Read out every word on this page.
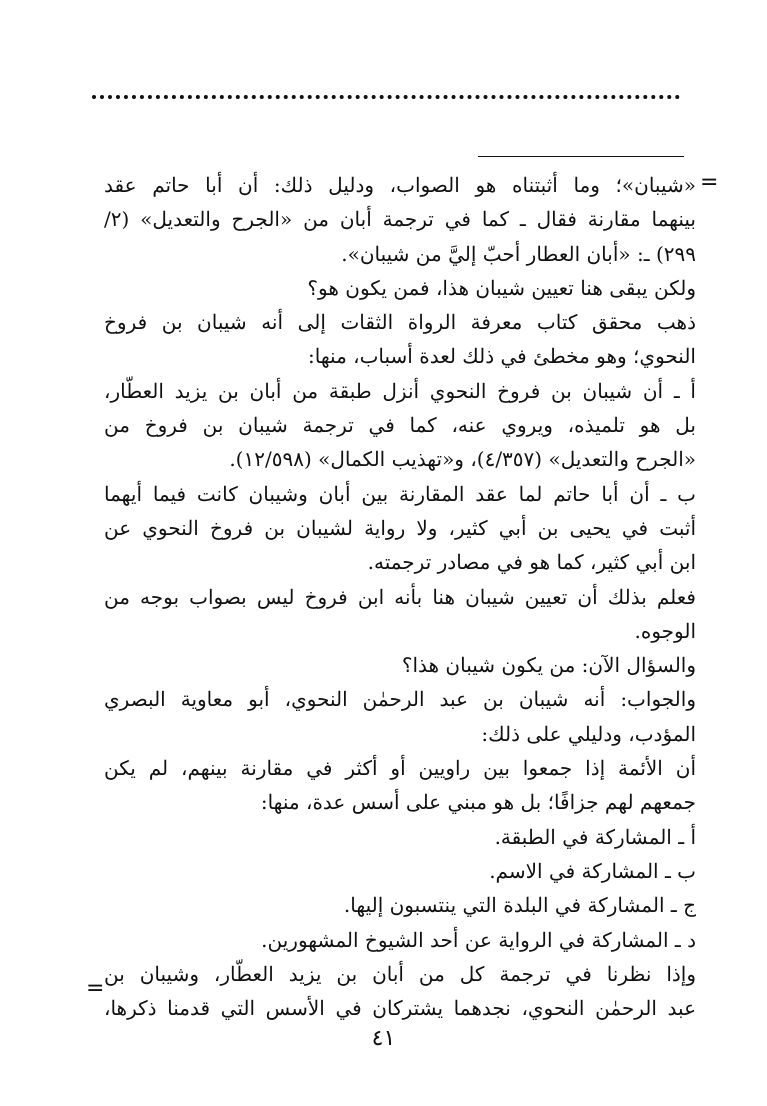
=
«شيبان»؛ وما أثبتناه هو الصواب، ودليل ذلك: أن أبا حاتم عقد
بينهما مقارنة فقال ـ كما في ترجمة أبان من «الجرح والتعديل» (٢/
٢٩٩) ـ: «أبان العطار أحبّ إليَّ من شيبان».
ولكن يبقى هنا تعيين شيبان هذا، فمن يكون هو؟
ذهب محقق كتاب معرفة الرواة الثقات إلى أنه شيبان بن فروخ
النحوي؛ وهو مخطئ في ذلك لعدة أسباب، منها:
أ ـ أن شيبان بن فروخ النحوي أنزل طبقة من أبان بن يزيد العطّار،
بل هو تلميذه، ويروي عنه، كما في ترجمة شيبان بن فروخ من
«الجرح والتعديل» (٤/٣٥٧)، و«تهذيب الكمال» (١٢/٥٩٨).
ب ـ أن أبا حاتم لما عقد المقارنة بين أبان وشيبان كانت فيما أيهما
أثبت في يحيى بن أبي كثير، ولا رواية لشيبان بن فروخ النحوي عن
ابن أبي كثير، كما هو في مصادر ترجمته.
فعلم بذلك أن تعيين شيبان هنا بأنه ابن فروخ ليس بصواب بوجه من
الوجوه.
والسؤال الآن: من يكون شيبان هذا؟
والجواب: أنه شيبان بن عبد الرحمٰن النحوي، أبو معاوية البصري
المؤدب، ودليلي على ذلك:
أن الأئمة إذا جمعوا بين راويين أو أكثر في مقارنة بينهم، لم يكن
جمعهم لهم جزافًا؛ بل هو مبني على أسس عدة، منها:
أ ـ المشاركة في الطبقة.
ب ـ المشاركة في الاسم.
ج ـ المشاركة في البلدة التي ينتسبون إليها.
د ـ المشاركة في الرواية عن أحد الشيوخ المشهورين.
وإذا نظرنا في ترجمة كل من أبان بن يزيد العطّار، وشيبان بن
عبد الرحمٰن النحوي، نجدهما يشتركان في الأسس التي قدمنا ذكرها،
=
٤١
